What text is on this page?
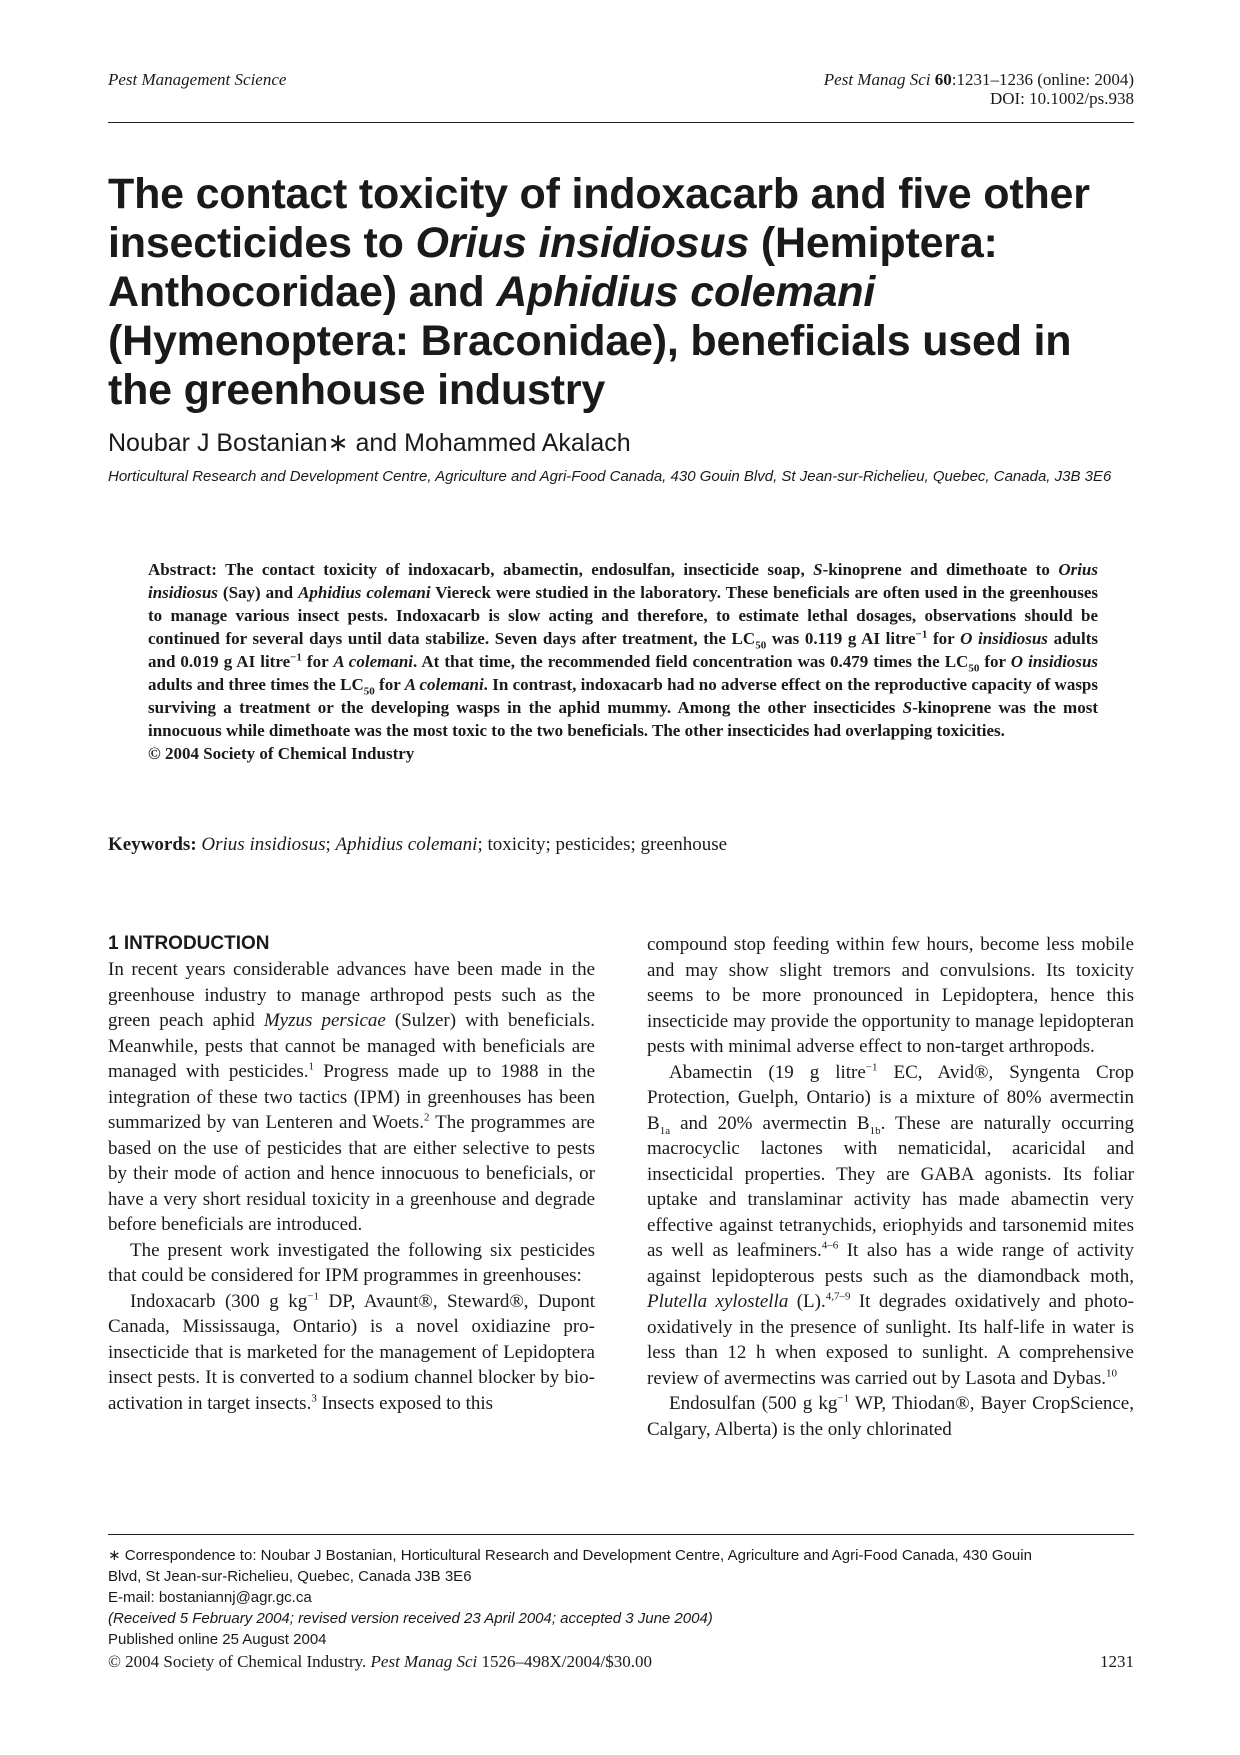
Pest Management Science	Pest Manag Sci 60:1231–1236 (online: 2004)
DOI: 10.1002/ps.938
The contact toxicity of indoxacarb and five other insecticides to Orius insidiosus (Hemiptera: Anthocoridae) and Aphidius colemani (Hymenoptera: Braconidae), beneficials used in the greenhouse industry
Noubar J Bostanian∗ and Mohammed Akalach
Horticultural Research and Development Centre, Agriculture and Agri-Food Canada, 430 Gouin Blvd, St Jean-sur-Richelieu, Quebec, Canada, J3B 3E6
Abstract: The contact toxicity of indoxacarb, abamectin, endosulfan, insecticide soap, S-kinoprene and dimethoate to Orius insidiosus (Say) and Aphidius colemani Viereck were studied in the laboratory. These beneficials are often used in the greenhouses to manage various insect pests. Indoxacarb is slow acting and therefore, to estimate lethal dosages, observations should be continued for several days until data stabilize. Seven days after treatment, the $LC_{50}$ was 0.119 g AI litre$^{-1}$ for O insidiosus adults and 0.019 g AI litre$^{-1}$ for A colemani. At that time, the recommended field concentration was 0.479 times the $LC_{50}$ for O insidiosus adults and three times the $LC_{50}$ for A colemani. In contrast, indoxacarb had no adverse effect on the reproductive capacity of wasps surviving a treatment or the developing wasps in the aphid mummy. Among the other insecticides S-kinoprene was the most innocuous while dimethoate was the most toxic to the two beneficials. The other insecticides had overlapping toxicities.
© 2004 Society of Chemical Industry
Keywords: Orius insidiosus; Aphidius colemani; toxicity; pesticides; greenhouse
1 INTRODUCTION

In recent years considerable advances have been made in the greenhouse industry to manage arthropod pests such as the green peach aphid Myzus persicae (Sulzer) with beneficials. Meanwhile, pests that cannot be managed with beneficials are managed with pesticides.$^1$ Progress made up to 1988 in the integration of these two tactics (IPM) in greenhouses has been summarized by van Lenteren and Woets.$^2$ The programmes are based on the use of pesticides that are either selective to pests by their mode of action and hence innocuous to beneficials, or have a very short residual toxicity in a greenhouse and degrade before beneficials are introduced.

The present work investigated the following six pesticides that could be considered for IPM programmes in greenhouses:

Indoxacarb (300 g $kg^{-1}$ DP, Avaunt®, Steward®, Dupont Canada, Mississauga, Ontario) is a novel oxidiazine pro-insecticide that is marketed for the management of Lepidoptera insect pests. It is converted to a sodium channel blocker by bio-activation in target insects.$^3$ Insects exposed to this

compound stop feeding within few hours, become less mobile and may show slight tremors and convulsions. Its toxicity seems to be more pronounced in Lepidoptera, hence this insecticide may provide the opportunity to manage lepidopteran pests with minimal adverse effect to non-target arthropods.

Abamectin (19 g litre$^{-1}$ EC, Avid®, Syngenta Crop Protection, Guelph, Ontario) is a mixture of 80% avermectin $B_{1a}$ and 20% avermectin $B_{1b}$. These are naturally occurring macrocyclic lactones with nematicidal, acaricidal and insecticidal properties. They are GABA agonists. Its foliar uptake and translaminar activity has made abamectin very effective against tetranychids, eriophyids and tarsonemid mites as well as leafminers.$^{4-6}$ It also has a wide range of activity against lepidopterous pests such as the diamondback moth, Plutella xylostella (L).$^{4,7-9}$ It degrades oxidatively and photo-oxidatively in the presence of sunlight. Its half-life in water is less than 12 h when exposed to sunlight. A comprehensive review of avermectins was carried out by Lasota and Dybas.$^{10}$

Endosulfan (500 g $kg^{-1}$ WP, Thiodan®, Bayer CropScience, Calgary, Alberta) is the only chlorinated

∗ Correspondence to: Noubar J Bostanian, Horticultural Research and Development Centre, Agriculture and Agri-Food Canada, 430 Gouin
Blvd, St Jean-sur-Richelieu, Quebec, Canada J3B 3E6
E-mail: bostaniannj@agr.gc.ca
(Received 5 February 2004; revised version received 23 April 2004; accepted 3 June 2004)
Published online 25 August 2004
© 2004 Society of Chemical Industry. Pest Manag Sci 1526–498X/2004/$30.00	1231
